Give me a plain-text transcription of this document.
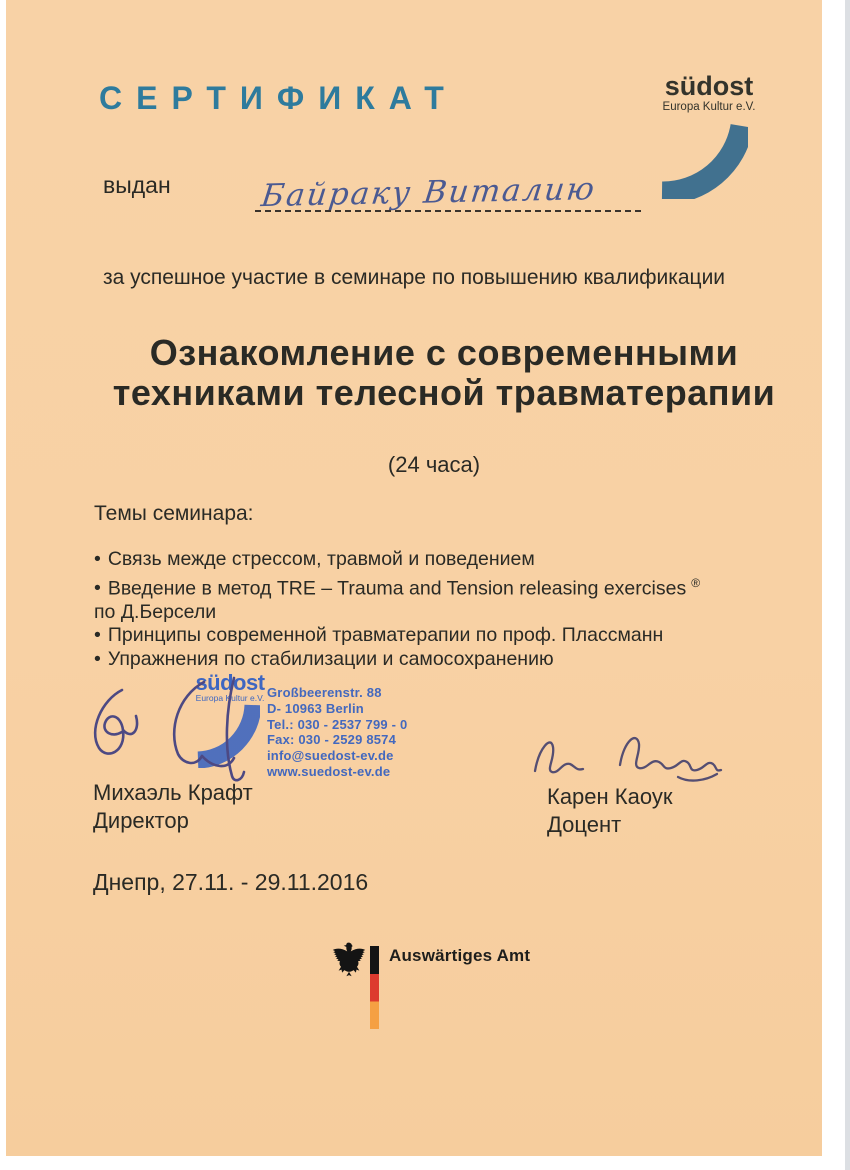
СЕРТИФИКАТ	südost
Europa Kultur e.V.
выдан	Байраку Виталию
за успешное участие в семинаре по повышению квалификации
Ознакомление с современными
техниками телесной травматерапии
(24 часа)
Темы семинара:
• Связь межде стрессом, травмой и поведением
• Введение в метод TRE – Trauma and Tension releasing exercises ®
по Д.Берсели
• Принципы современной травматерапии по проф. Плассманн
• Упражнения по стабилизации и самосохранению
südost
Europa Kultur e.V. Großbeerenstr. 88
D- 10963 Berlin
Tel.: 030 - 2537 799 - 0
Fax: 030 - 2529 8574
info@suedost-ev.de
www.suedost-ev.de
Михаэль Крафт
Директор
Карен Каоук
Доцент
Днепр, 27.11. - 29.11.2016
Auswärtiges Amt
